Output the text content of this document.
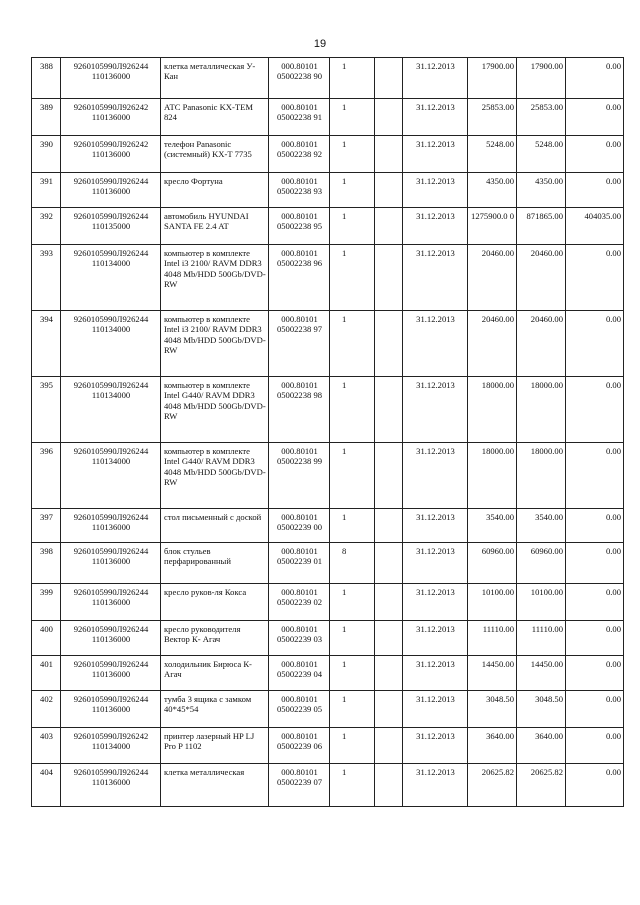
19
388	9260105990Л926244 110136000	клетка металлическая У-Кан	000.80101 05002238 90	1		31.12.2013	17900.00	17900.00	0.00
389	9260105990Л926242 110136000	АТС Panasonic KX-TEM 824	000.80101 05002238 91	1		31.12.2013	25853.00	25853.00	0.00
390	9260105990Л926242 110136000	телефон Panasonic (системный) KX-T 7735	000.80101 05002238 92	1		31.12.2013	5248.00	5248.00	0.00
391	9260105990Л926244 110136000	кресло Фортуна	000.80101 05002238 93	1		31.12.2013	4350.00	4350.00	0.00
392	9260105990Л926244 110135000	автомобиль HYUNDAI SANTA FE 2.4 AT	000.80101 05002238 95	1		31.12.2013	1275900.0 0	871865.00	404035.00
393	9260105990Л926244 110134000	компьютер в комплекте Intel i3 2100/ RAVM DDR3 4048 Mb/HDD 500Gb/DVD-RW	000.80101 05002238 96	1		31.12.2013	20460.00	20460.00	0.00
394	9260105990Л926244 110134000	компьютер в комплекте Intel i3 2100/ RAVM DDR3 4048 Mb/HDD 500Gb/DVD-RW	000.80101 05002238 97	1		31.12.2013	20460.00	20460.00	0.00
395	9260105990Л926244 110134000	компьютер в комплекте Intel G440/ RAVM DDR3 4048 Mb/HDD 500Gb/DVD-RW	000.80101 05002238 98	1		31.12.2013	18000.00	18000.00	0.00
396	9260105990Л926244 110134000	компьютер в комплекте Intel G440/ RAVM DDR3 4048 Mb/HDD 500Gb/DVD-RW	000.80101 05002238 99	1		31.12.2013	18000.00	18000.00	0.00
397	9260105990Л926244 110136000	стол письменный с доской	000.80101 05002239 00	1		31.12.2013	3540.00	3540.00	0.00
398	9260105990Л926244 110136000	блок стульев перфарированный	000.80101 05002239 01	8		31.12.2013	60960.00	60960.00	0.00
399	9260105990Л926244 110136000	кресло руков-ля Кокса	000.80101 05002239 02	1		31.12.2013	10100.00	10100.00	0.00
400	9260105990Л926244 110136000	кресло руководителя Вектор К- Агач	000.80101 05002239 03	1		31.12.2013	11110.00	11110.00	0.00
401	9260105990Л926244 110136000	холодильник Бирюса К-Агач	000.80101 05002239 04	1		31.12.2013	14450.00	14450.00	0.00
402	9260105990Л926244 110136000	тумба 3 ящика с замком 40*45*54	000.80101 05002239 05	1		31.12.2013	3048.50	3048.50	0.00
403	9260105990Л926242 110134000	принтер лазерный HP LJ Pro P 1102	000.80101 05002239 06	1		31.12.2013	3640.00	3640.00	0.00
404	9260105990Л926244 110136000	клетка металлическая	000.80101 05002239 07	1		31.12.2013	20625.82	20625.82	0.00
